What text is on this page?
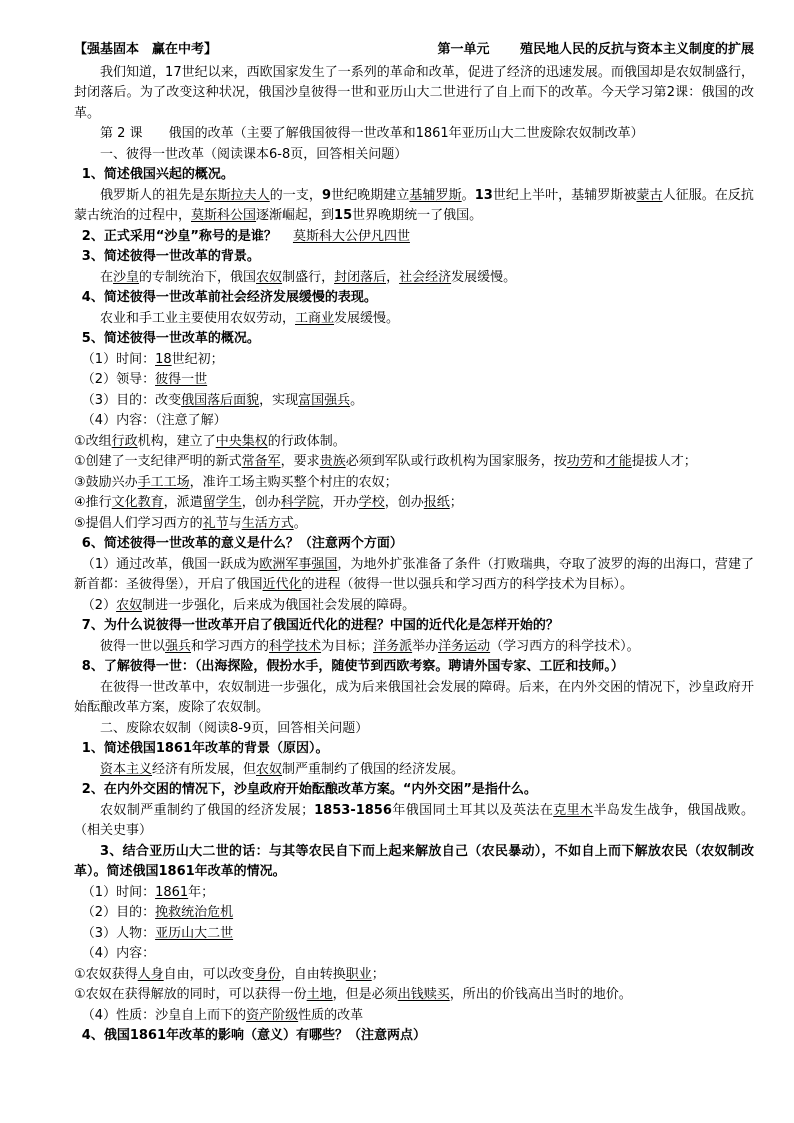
【强基固本　赢在中考】	第一单元 殖民地人民的反抗与资本主义制度的扩展

我们知道，17世纪以来，西欧国家发生了一系列的革命和改革，促进了经济的迅速发展。而俄国却是农奴制盛行，封闭落后。为了改变这种状况，俄国沙皇彼得一世和亚历山大二世进行了自上而下的改革。今天学习第2课：俄国的改革。

第 2 课　　 俄国的改革（主要了解俄国彼得一世改革和1861年亚历山大二世废除农奴制改革）

一、彼得一世改革（阅读课本6-8页，回答相关问题）

1、简述俄国兴起的概况。

俄罗斯人的祖先是东斯拉夫人的一支，9世纪晚期建立基辅罗斯。13世纪上半叶，基辅罗斯被蒙古人征服。在反抗蒙古统治的过程中，莫斯科公国逐渐崛起，到15世界晚期统一了俄国。

2、正式采用“沙皇”称号的是谁？ 莫斯科大公伊凡四世

3、简述彼得一世改革的背景。

在沙皇的专制统治下，俄国农奴制盛行，封闭落后，社会经济发展缓慢。

4、简述彼得一世改革前社会经济发展缓慢的表现。

农业和手工业主要使用农奴劳动，工商业发展缓慢。

5、简述彼得一世改革的概况。

（1）时间：18世纪初；

（2）领导：彼得一世

（3）目的：改变俄国落后面貌，实现富国强兵。

（4）内容：（注意了解）

①改组行政机构，建立了中央集权的行政体制。

①创建了一支纪律严明的新式常备军，要求贵族必须到军队或行政机构为国家服务，按功劳和才能提拔人才；

③鼓励兴办手工工场，准许工场主购买整个村庄的农奴；

④推行文化教育，派遣留学生，创办科学院，开办学校，创办报纸；

⑤提倡人们学习西方的礼节与生活方式。

6、简述彼得一世改革的意义是什么？（注意两个方面）

（1）通过改革，俄国一跃成为欧洲军事强国，为地外扩张准备了条件（打败瑞典，夺取了波罗的海的出海口，营建了新首都：圣彼得堡），开启了俄国近代化的进程（彼得一世以强兵和学习西方的科学技术为目标）。

（2）农奴制进一步强化，后来成为俄国社会发展的障碍。

7、为什么说彼得一世改革开启了俄国近代化的进程？中国的近代化是怎样开始的？

彼得一世以强兵和学习西方的科学技术为目标；洋务派举办洋务运动（学习西方的科学技术）。

8、了解彼得一世：（出海探险，假扮水手，随使节到西欧考察。聘请外国专家、工匠和技师。）

在彼得一世改革中，农奴制进一步强化，成为后来俄国社会发展的障碍。后来，在内外交困的情况下，沙皇政府开始酝酿改革方案，废除了农奴制。

二、废除农奴制（阅读8-9页，回答相关问题）

1、简述俄国1861年改革的背景（原因）。

资本主义经济有所发展，但农奴制严重制约了俄国的经济发展。

2、在内外交困的情况下，沙皇政府开始酝酿改革方案。“内外交困”是指什么。

农奴制严重制约了俄国的经济发展；1853-1856年俄国同土耳其以及英法在克里木半岛发生战争，俄国战败。（相关史事）

3、结合亚历山大二世的话：与其等农民自下而上起来解放自己（农民暴动），不如自上而下解放农民（农奴制改革）。简述俄国1861年改革的情况。

（1）时间：1861年；

（2）目的：挽救统治危机

（3）人物：亚历山大二世

（4）内容：

①农奴获得人身自由，可以改变身份，自由转换职业；

①农奴在获得解放的同时，可以获得一份土地，但是必须出钱赎买，所出的价钱高出当时的地价。

（4）性质：沙皇自上而下的资产阶级性质的改革

4、俄国1861年改革的影响（意义）有哪些？（注意两点）
